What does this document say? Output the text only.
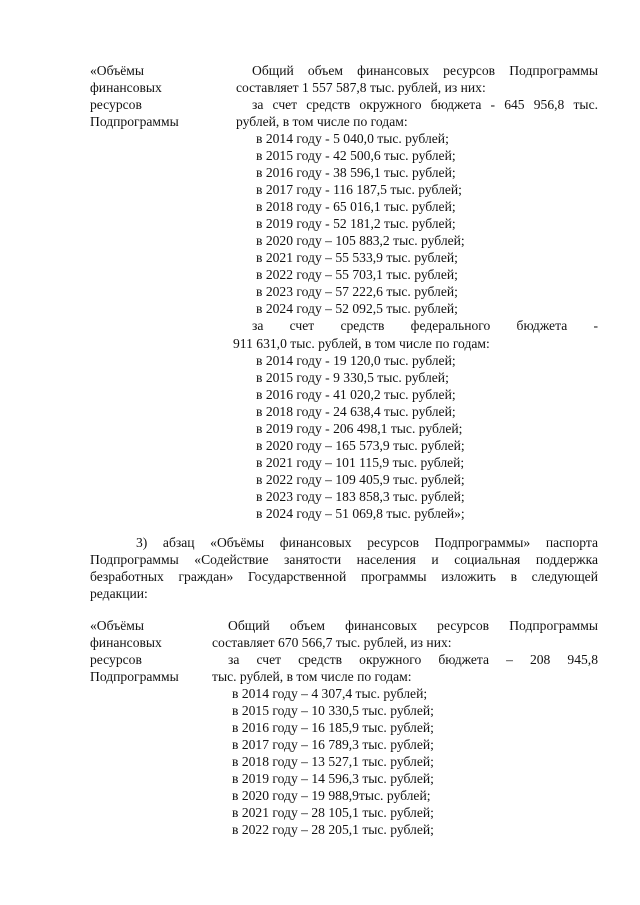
«Объёмы
финансовых
ресурсов
Подпрограммы
Общий объем финансовых ресурсов Подпрограммы
составляет 1 557 587,8 тыс. рублей, из них:
за счет средств окружного бюджета - 645 956,8 тыс.
рублей, в том числе по годам:
в 2014 году - 5 040,0 тыс. рублей;
в 2015 году - 42 500,6 тыс. рублей;
в 2016 году - 38 596,1 тыс. рублей;
в 2017 году - 116 187,5 тыс. рублей;
в 2018 году - 65 016,1 тыс. рублей;
в 2019 году - 52 181,2 тыс. рублей;
в 2020 году – 105 883,2 тыс. рублей;
в 2021 году – 55 533,9 тыс. рублей;
в 2022 году – 55 703,1 тыс. рублей;
в 2023 году – 57 222,6 тыс. рублей;
в 2024 году – 52 092,5 тыс. рублей;
за счет средств федерального бюджета -
911 631,0 тыс. рублей, в том числе по годам:
в 2014 году - 19 120,0 тыс. рублей;
в 2015 году - 9 330,5 тыс. рублей;
в 2016 году - 41 020,2 тыс. рублей;
в 2018 году - 24 638,4 тыс. рублей;
в 2019 году - 206 498,1 тыс. рублей;
в 2020 году – 165 573,9 тыс. рублей;
в 2021 году – 101 115,9 тыс. рублей;
в 2022 году – 109 405,9 тыс. рублей;
в 2023 году – 183 858,3 тыс. рублей;
в 2024 году – 51 069,8 тыс. рублей»;
3) абзац «Объёмы финансовых ресурсов Подпрограммы» паспорта
Подпрограммы «Содействие занятости населения и социальная поддержка
безработных граждан» Государственной программы изложить в следующей
редакции:
«Объёмы
финансовых
ресурсов
Подпрограммы
Общий объем финансовых ресурсов Подпрограммы
составляет 670 566,7 тыс. рублей, из них:
за счет средств окружного бюджета – 208 945,8
тыс. рублей, в том числе по годам:
в 2014 году – 4 307,4 тыс. рублей;
в 2015 году – 10 330,5 тыс. рублей;
в 2016 году – 16 185,9 тыс. рублей;
в 2017 году – 16 789,3 тыс. рублей;
в 2018 году – 13 527,1 тыс. рублей;
в 2019 году – 14 596,3 тыс. рублей;
в 2020 году – 19 988,9тыс. рублей;
в 2021 году – 28 105,1 тыс. рублей;
в 2022 году – 28 205,1 тыс. рублей;
